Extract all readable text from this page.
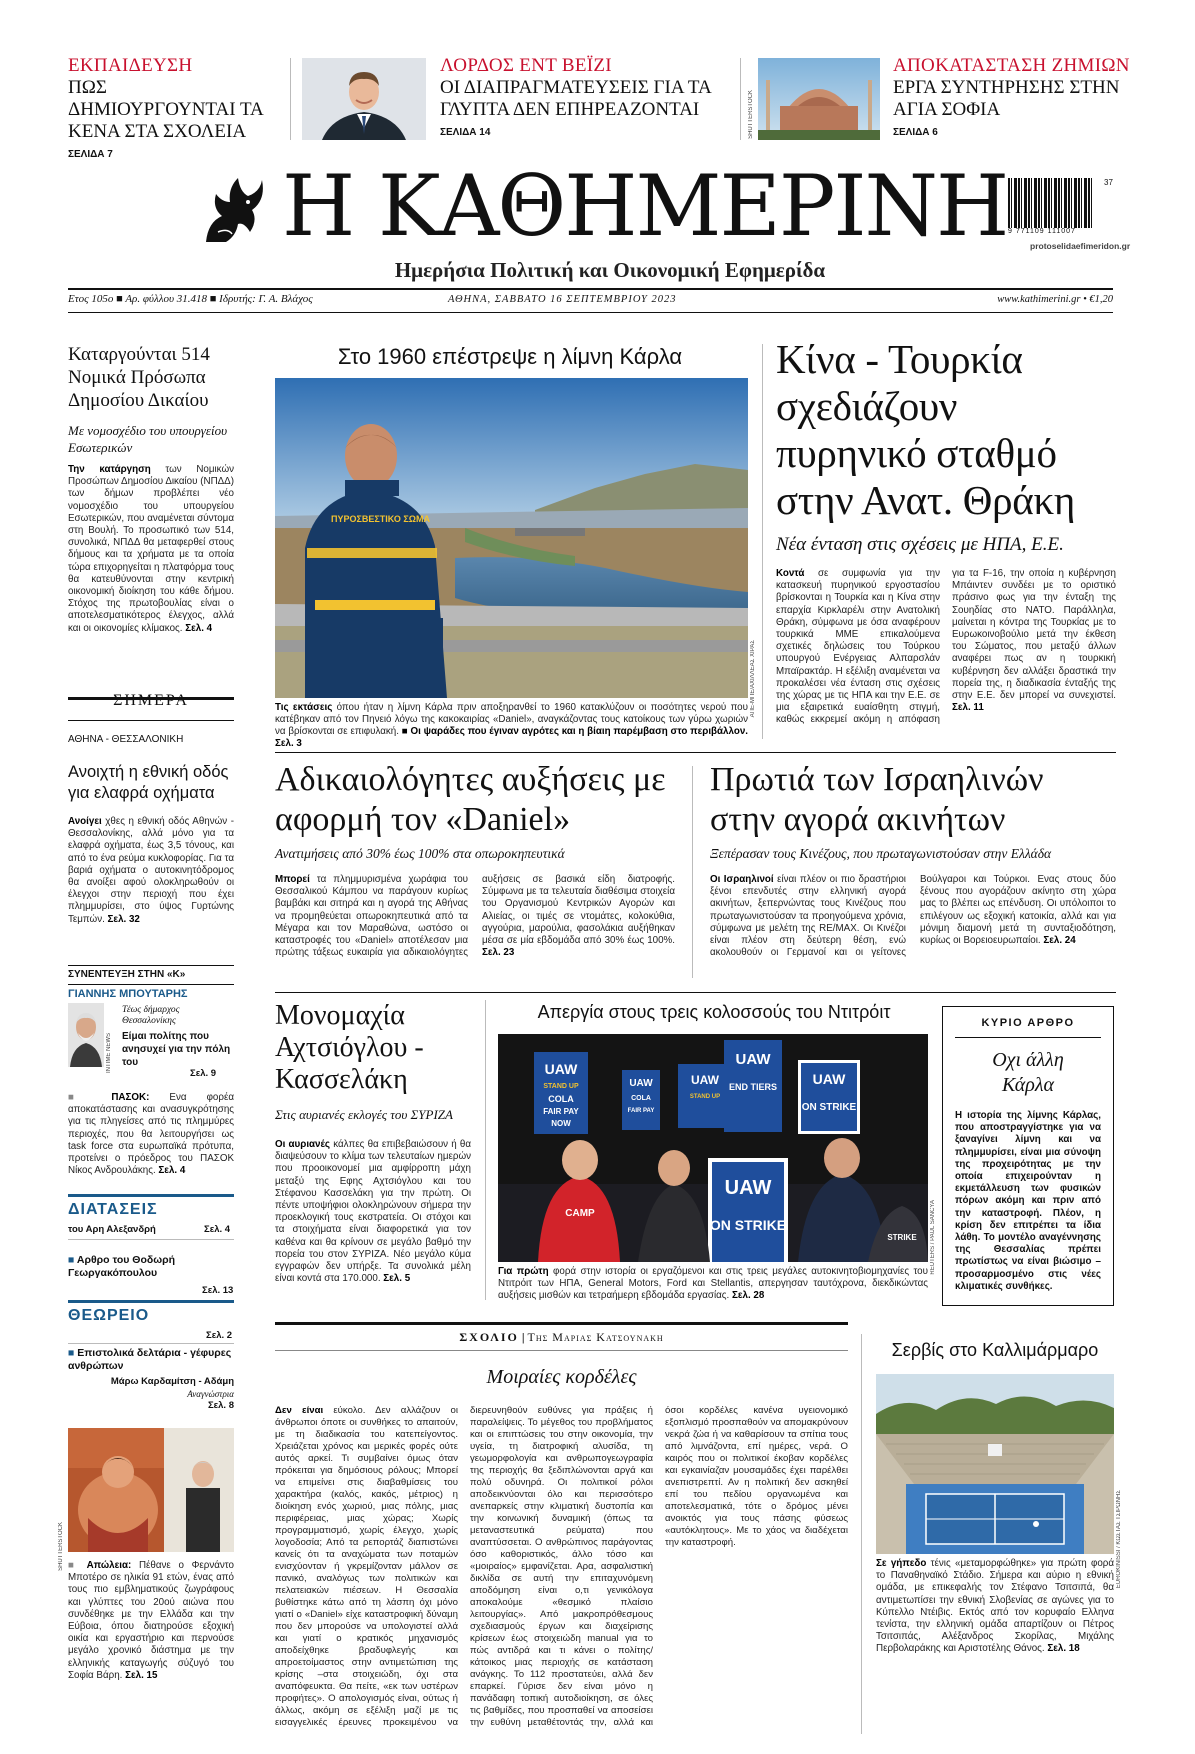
ΕΚΠΑΙΔΕΥΣΗ
ΠΩΣ ΔΗΜΙΟΥΡΓΟΥΝΤΑΙ ΤΑ ΚΕΝΑ ΣΤΑ ΣΧΟΛΕΙΑ
ΣΕΛΙΔΑ 7
ΛΟΡΔΟΣ ΕΝΤ ΒΕΪΖΙ
ΟΙ ΔΙΑΠΡΑΓΜΑΤΕΥΣΕΙΣ ΓΙΑ ΤΑ ΓΛΥΠΤΑ ΔΕΝ ΕΠΗΡΕΑΖΟΝΤΑΙ
ΣΕΛΙΔΑ 14	SHUTTERSTOCK
ΑΠΟΚΑΤΑΣΤΑΣΗ ΖΗΜΙΩΝ
ΕΡΓΑ ΣΥΝΤΗΡΗΣΗΣ ΣΤΗΝ ΑΓΙΑ ΣΟΦΙΑ
ΣΕΛΙΔΑ 6
Η ΚΑΘΗΜΕΡΙΝΗ
Ημερήσια Πολιτική και Οικονομική Εφημερίδα
37
9 771109 111007
protoselidaefimeridon.gr
Ετος 105ο ■ Αρ. φύλλου 31.418 ■ Ιδρυτής: Γ. Α. Βλάχος	ΑΘΗΝΑ, ΣΑΒΒΑΤΟ 16 ΣΕΠΤΕΜΒΡΙΟΥ 2023	www.kathimerini.gr • €1,20
Καταργούνται 514 Νομικά Πρόσωπα Δημοσίου Δικαίου
Με νομοσχέδιο του υπουργείου Εσωτερικών
Την κατάργηση των Νομικών Προσώπων Δημοσίου Δικαίου (ΝΠΔΔ) των δήμων προβλέπει νέο νομοσχέδιο του υπουργείου Εσωτερικών, που αναμένεται σύντομα στη Βουλή. Το προσωπικό των 514, συνολικά, ΝΠΔΔ θα μεταφερθεί στους δήμους και τα χρήματα με τα οποία τώρα επιχορηγείται η πλατφόρμα τους θα κατευθύνονται στην κεντρική οικονομική διοίκηση του κάθε δήμου. Στόχος της πρωτοβουλίας είναι ο αποτελεσματικότερος έλεγχος, αλλά και οι οικονομίες κλίμακος. Σελ. 4
ΣΗΜΕΡΑ
ΑΘΗΝΑ - ΘΕΣΣΑΛΟΝΙΚΗ
Ανοιχτή η εθνική οδός για ελαφρά οχήματα
Ανοίγει χθες η εθνική οδός Αθηνών - Θεσσαλονίκης, αλλά μόνο για τα ελαφρά οχήματα, έως 3,5 τόνους, και από το ένα ρεύμα κυκλοφορίας. Για τα βαριά οχήματα ο αυτοκινητόδρομος θα ανοίξει αφού ολοκληρωθούν οι έλεγχοι στην περιοχή που έχει πλημμυρίσει, στο ύψος Γυρτώνης Τεμπών. Σελ. 32
ΣΥΝΕΝΤΕΥΞΗ ΣΤΗΝ «Κ»
ΓΙΑΝΝΗΣ ΜΠΟΥΤΑΡΗΣ
INTIME NEWS
Τέως δήμαρχος Θεσσαλονίκης
Είμαι πολίτης που ανησυχεί για την πόλη του
Σελ. 9
■ ΠΑΣΟΚ: Ενα φορέα αποκατάστασης και ανασυγκρότησης για τις πληγείσες από τις πλημμύρες περιοχές, που θα λειτουργήσει ως task force στα ευρωπαϊκά πρότυπα, προτείνει ο πρόεδρος του ΠΑΣΟΚ Νίκος Ανδρουλάκης. Σελ. 4
ΔΙΑΤΑΣΕΙΣ
του Αρη Αλεξανδρή	Σελ. 4
■ Αρθρο του Θοδωρή Γεωργακόπουλου
Σελ. 13
ΘΕΩΡΕΙΟ
Σελ. 2
■ Επιστολικά δελτάρια - γέφυρες ανθρώπων
Μάρω Καρδαμίτση - Αδάμη
Αναγνώστρια
Σελ. 8
SHUTTERSTOCK ■ Απώλεια: Πέθανε ο Φερνάντο Μποτέρο σε ηλικία 91 ετών, ένας από τους πιο εμβληματικούς ζωγράφους και γλύπτες του 20ού αιώνα που συνδέθηκε με την Ελλάδα και την Εύβοια, όπου διατηρούσε εξοχική οικία και εργαστήριο και περνούσε μεγάλο χρονικό διάστημα με την ελληνικής καταγωγής σύζυγό του Σοφία Βάρη. Σελ. 15
Στο 1960 επέστρεψε η λίμνη Κάρλα
ΠΥΡΟΣΒΕΣΤΙΚΟ ΣΩΜΑ
ΑΠΕ-ΜΠΕ/ΑΧΙΛΛΕΑΣ ΧΙΡΑΣ
Τις εκτάσεις όπου ήταν η λίμνη Κάρλα πριν αποξηρανθεί το 1960 κατακλύζουν οι ποσότητες νερού που κατέβηκαν από τον Πηνειό λόγω της κακοκαιρίας «Daniel», αναγκάζοντας τους κατοίκους των γύρω χωριών να βρίσκονται σε επιφυλακή. ■ Οι ψαράδες που έγιναν αγρότες και η βίαιη παρέμβαση στο περιβάλλον. Σελ. 3
Κίνα - Τουρκία σχεδιάζουν πυρηνικό σταθμό στην Ανατ. Θράκη
Νέα ένταση στις σχέσεις με ΗΠΑ, Ε.Ε.
Κοντά σε συμφωνία για την κατασκευή πυρηνικού εργοστασίου βρίσκονται η Τουρκία και η Κίνα στην επαρχία Κιρκλαρέλι στην Ανατολική Θράκη, σύμφωνα με όσα αναφέρουν τουρκικά ΜΜΕ επικαλούμενα σχετικές δηλώσεις του Τούρκου υπουργού Ενέργειας Αλπαρσλάν Μπαϊρακτάρ. Η εξέλιξη αναμένεται να προκαλέσει νέα ένταση στις σχέσεις της χώρας με τις ΗΠΑ και την Ε.Ε. σε μια εξαιρετικά ευαίσθητη στιγμή, καθώς εκκρεμεί ακόμη η απόφαση για τα F-16, την οποία η κυβέρνηση Μπάιντεν συνδέει με το οριστικό πράσινο φως για την ένταξη της Σουηδίας στο ΝΑΤΟ. Παράλληλα, μαίνεται η κόντρα της Τουρκίας με το Ευρωκοινοβούλιο μετά την έκθεση του Σώματος, που μεταξύ άλλων αναφέρει πως αν η τουρκική κυβέρνηση δεν αλλάξει δραστικά την πορεία της, η διαδικασία ένταξής της στην Ε.Ε. δεν μπορεί να συνεχιστεί. Σελ. 11
Αδικαιολόγητες αυξήσεις με αφορμή τον «Daniel»
Ανατιμήσεις από 30% έως 100% στα οπωροκηπευτικά
Μπορεί τα πλημμυρισμένα χωράφια του Θεσσαλικού Κάμπου να παράγουν κυρίως βαμβάκι και σιτηρά και η αγορά της Αθήνας να προμηθεύεται οπωροκηπευτικά από τα Μέγαρα και τον Μαραθώνα, ωστόσο οι καταστροφές του «Daniel» αποτέλεσαν μια πρώτης τάξεως ευκαιρία για αδικαιολόγητες αυξήσεις σε βασικά είδη διατροφής. Σύμφωνα με τα τελευταία διαθέσιμα στοιχεία του Οργανισμού Κεντρικών Αγορών και Αλιείας, οι τιμές σε ντομάτες, κολοκύθια, αγγούρια, μαρούλια, φασολάκια αυξήθηκαν μέσα σε μία εβδομάδα από 30% έως 100%. Σελ. 23
Πρωτιά των Ισραηλινών στην αγορά ακινήτων
Ξεπέρασαν τους Κινέζους, που πρωταγωνιστούσαν στην Ελλάδα
Οι Ισραηλινοί είναι πλέον οι πιο δραστήριοι ξένοι επενδυτές στην ελληνική αγορά ακινήτων, ξεπερνώντας τους Κινέζους που πρωταγωνιστούσαν τα προηγούμενα χρόνια, σύμφωνα με μελέτη της RE/MAX. Οι Κινέζοι είναι πλέον στη δεύτερη θέση, ενώ ακολουθούν οι Γερμανοί και οι γείτονες Βούλγαροι και Τούρκοι. Ενας στους δύο ξένους που αγοράζουν ακίνητο στη χώρα μας το βλέπει ως επένδυση. Οι υπόλοιποι το επιλέγουν ως εξοχική κατοικία, αλλά και για μόνιμη διαμονή μετά τη συνταξιοδότηση, κυρίως οι Βορειοευρωπαίοι. Σελ. 24
Μονομαχία Αχτσιόγλου - Κασσελάκη
Στις αυριανές εκλογές του ΣΥΡΙΖΑ
Οι αυριανές κάλπες θα επιβεβαιώσουν ή θα διαψεύσουν το κλίμα των τελευταίων ημερών που προοικονομεί μια αμφίρροπη μάχη μεταξύ της Εφης Αχτσιόγλου και του Στέφανου Κασσελάκη για την πρώτη. Οι πέντε υποψήφιοι ολοκληρώνουν σήμερα την προεκλογική τους εκστρατεία. Οι στόχοι και τα στοιχήματα είναι διαφορετικά για τον καθένα και θα κρίνουν σε μεγάλο βαθμό την πορεία του στον ΣΥΡΙΖΑ. Νέο μεγάλο κύμα εγγραφών δεν υπήρξε. Τα συνολικά μέλη είναι κοντά στα 170.000. Σελ. 5
Απεργία στους τρεις κολοσσούς του Ντιτρόιτ
UAW
STAND UP
COLA
FAIR PAY
NOW
UAW
COLA
FAIR PAY
UAW
STAND UP
UAW
END TIERS	UAW
ON STRIKE
UAW
ON STRIKE
CAMP
STRIKE REUTERS / PAUL SANCYA
Για πρώτη φορά στην ιστορία οι εργαζόμενοι και στις τρεις μεγάλες αυτοκινητοβιομηχανίες του Ντιτρόιτ των ΗΠΑ, General Motors, Ford και Stellantis, απεργησαν ταυτόχρονα, διεκδικώντας αυξήσεις μισθών και τετραήμερη εβδομάδα εργασίας. Σελ. 28
ΚΥΡΙΟ ΑΡΘΡΟ
Οχι άλλη Κάρλα
Η ιστορία της λίμνης Κάρλας, που αποστραγγίστηκε για να ξαναγίνει λίμνη και να πλημμυρίσει, είναι μια σύνοψη της προχειρότητας με την οποία επιχειρούνταν η εκμετάλλευση των φυσικών πόρων ακόμη και πριν από την καταστροφή. Πλέον, η κρίση δεν επιτρέπει τα ίδια λάθη. Το μοντέλο αναγέννησης της Θεσσαλίας πρέπει πρωτίστως να είναι βιώσιμο – προσαρμοσμένο στις νέες κλιματικές συνθήκες.
ΣΧΟΛΙΟ | Της Μαριας Κατσουνακη
Μοιραίες κορδέλες
Δεν είναι εύκολο. Δεν αλλάζουν οι άνθρωποι όποτε οι συνθήκες το απαιτούν, με τη διαδικασία του κατεπείγοντος. Χρειάζεται χρόνος και μερικές φορές ούτε αυτός αρκεί. Τι συμβαίνει όμως όταν πρόκειται για δημόσιους ρόλους; Μπορεί να επιμείνει στις διαβαθμίσεις του χαρακτήρα (καλός, κακός, μέτριος) η διοίκηση ενός χωριού, μιας πόλης, μιας περιφέρειας, μιας χώρας; Χωρίς προγραμματισμό, χωρίς έλεγχο, χωρίς λογοδοσία; Από τα ρεπορτάζ διαπιστώνει κανείς ότι τα αναχώματα των ποταμών ενισχύονταν ή γκρεμίζονταν μάλλον σε πανικό, αναλόγως των πολιτικών και πελατειακών πιέσεων. Η Θεσσαλία βυθίστηκε κάτω από τη λάσπη όχι μόνο γιατί ο «Daniel» είχε καταστροφική δύναμη που δεν μπορούσε να υπολογιστεί αλλά και γιατί ο κρατικός μηχανισμός αποδείχθηκε βραδυφλεγής και απροετοίμαστος στην αντιμετώπιση της κρίσης –στα στοιχειώδη, όχι στα αναπόφευκτα. Θα πείτε, «εκ των υστέρων προφήτες». Ο απολογισμός είναι, ούτως ή άλλως, ακόμη σε εξέλιξη μαζί με τις εισαγγελικές έρευνες προκειμένου να διερευνηθούν ευθύνες για πράξεις ή παραλείψεις. Το μέγεθος του προβλήματος και οι επιπτώσεις του στην οικονομία, την υγεία, τη διατροφική αλυσίδα, τη γεωμορφολογία και ανθρωπογεωγραφία της περιοχής θα ξεδιπλώνονται αργά και πολύ οδυνηρά. Οι πολιτικοί ρόλοι αποδεικνύονται όλο και περισσότερο ανεπαρκείς στην κλιματική δυστοπία και την κοινωνική δυναμική (όπως τα μεταναστευτικά ρεύματα) που αναπτύσσεται. Ο ανθρώπινος παράγοντας όσο καθοριστικός, άλλο τόσο και «μοιραίος» εμφανίζεται. Αρα, ασφαλιστική δικλίδα σε αυτή την επιταχυνόμενη αποδόμηση είναι ο,τι γενικόλογα αποκαλούμε «θεσμικό πλαίσιο λειτουργίας». Από μακροπρόθεσμους σχεδιασμούς έργων και διαχείρισης κρίσεων έως στοιχειώδη manual για το πώς αντιδρά και τι κάνει ο πολίτης/κάτοικος μιας περιοχής σε κατάσταση ανάγκης. Το 112 προστατεύει, αλλά δεν επαρκεί. Γύρισε δεν είναι μόνο η πανάδαφη τοπική αυτοδιοίκηση, σε όλες τις βαθμίδες, που προσπαθεί να αποσείσει την ευθύνη μεταθέτοντάς την, αλλά και όσοι κορδέλες κανένα υγειονομικό εξοπλισμό προσπαθούν να απομακρύνουν νεκρά ζώα ή να καθαρίσουν τα σπίτια τους από λιμνάζοντα, επί ημέρες, νερά. Ο καιρός που οι πολιτικοί έκοβαν κορδέλες και εγκαινίαζαν μουσαμάδες έχει παρέλθει ανεπιστρεπτί. Αν η πολιτική δεν ασκηθεί επί του πεδίου οργανωμένα και αποτελεσματικά, τότε ο δρόμος μένει ανοικτός για τους πάσης φύσεως «αυτόκλητους». Με το χάος να διαδέχεται την καταστροφή.
Σερβίς στο Καλλιμάρμαρο
EUROKINISSI / ΚΩΣΤΑΣ ΤΣΙΡΩΝΗΣ
Σε γήπεδο τένις «μεταμορφώθηκε» για πρώτη φορά το Παναθηναϊκό Στάδιο. Σήμερα και αύριο η εθνική ομάδα, με επικεφαλής τον Στέφανο Τσιτσιπά, θα αντιμετωπίσει την εθνική Σλοβενίας σε αγώνες για το Κύπελλο Ντέιβις. Εκτός από τον κορυφαίο Ελληνα τενίστα, την ελληνική ομάδα απαρτίζουν οι Πέτρος Τσιτσιπάς, Αλέξανδρος Σκορίλας, Μιχάλης Περβολαράκης και Αριστοτέλης Θάνος. Σελ. 18
